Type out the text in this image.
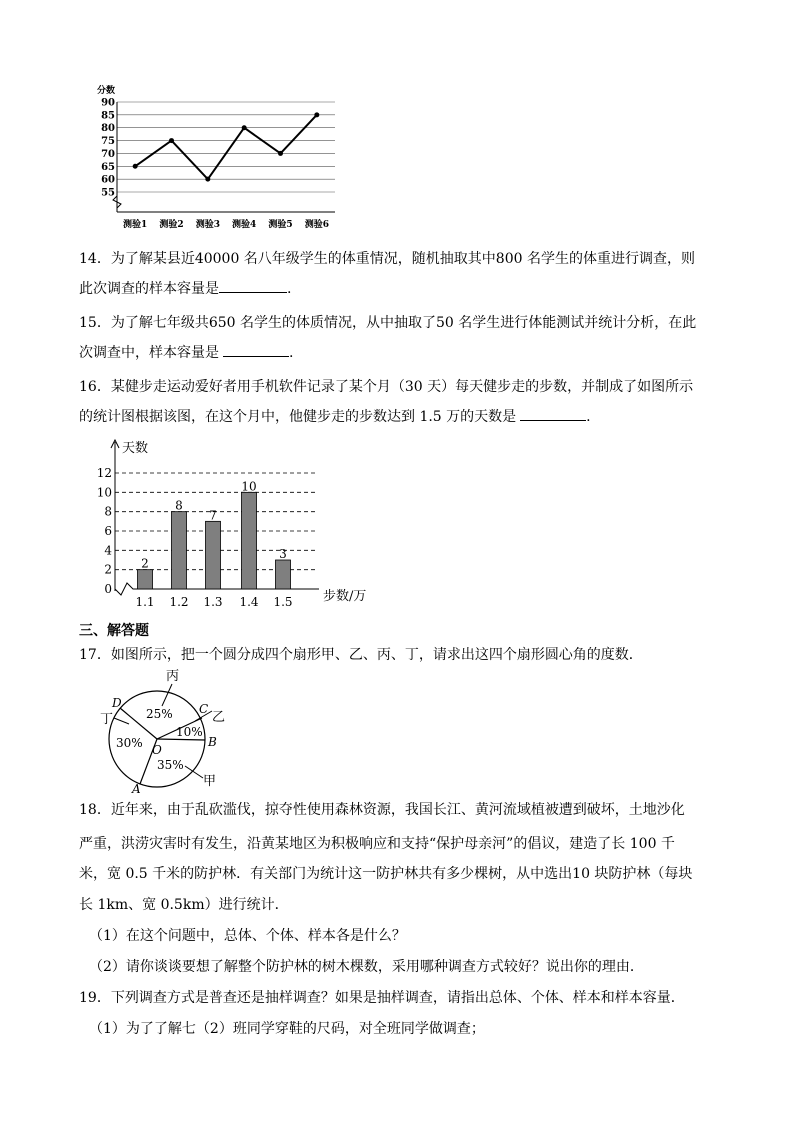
分数
90
85
80
75
70
65
60
55
测验1 测验2 测验3 测验4 测验5 测验6
14．为了解某县近40000 名八年级学生的体重情况，随机抽取其中800 名学生的体重进行调查，则
此次调查的样本容量是	.
15．为了解七年级共650 名学生的体质情况，从中抽取了50 名学生进行体能测试并统计分析，在此
次调查中，样本容量是	.
16．某健步走运动爱好者用手机软件记录了某个月（30 天）每天健步走的步数，并制成了如图所示
的统计图根据该图，在这个月中，他健步走的步数达到 1.5 万的天数是	.
天数
0
2
4
6
8
10
12
步数/万
2
1.1
8
1.2
7
1.3
10
1.4
3
1.5
三、解答题
17．如图所示，把一个圆分成四个扇形甲、乙、丙、丁，请求出这四个扇形圆心角的度数．
丙
乙
甲
丁	25%
10%
35%
30%
D	C
B
A
O
18．近年来，由于乱砍滥伐，掠夺性使用森林资源，我国长江、黄河流域植被遭到破坏，土地沙化
严重，洪涝灾害时有发生，沿黄某地区为积极响应和支持“保护母亲河”的倡议，建造了长 100 千
米，宽 0.5 千米的防护林．有关部门为统计这一防护林共有多少棵树，从中选出10 块防护林（每块
长 1km、宽 0.5km）进行统计．
（1）在这个问题中，总体、个体、样本各是什么？
（2）请你谈谈要想了解整个防护林的树木棵数，采用哪种调查方式较好？说出你的理由．
19．下列调查方式是普查还是抽样调查？如果是抽样调查，请指出总体、个体、样本和样本容量．
（1）为了了解七（2）班同学穿鞋的尺码，对全班同学做调查；
